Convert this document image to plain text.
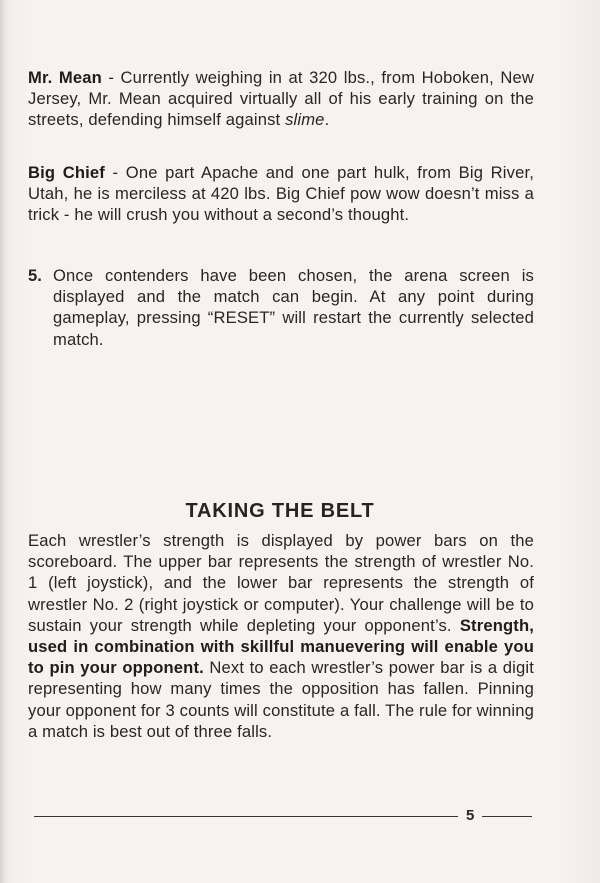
Mr. Mean - Currently weighing in at 320 lbs., from Hoboken, New Jersey, Mr. Mean acquired virtually all of his early training on the streets, defending himself against slime.

Big Chief - One part Apache and one part hulk, from Big River, Utah, he is merciless at 420 lbs. Big Chief pow wow doesn’t miss a trick - he will crush you without a second’s thought.

5. Once contenders have been chosen, the arena screen is displayed and the match can begin. At any point during gameplay, pressing “RESET” will restart the currently selected match.
TAKING THE BELT

Each wrestler’s strength is displayed by power bars on the scoreboard. The upper bar represents the strength of wrestler No. 1 (left joystick), and the lower bar represents the strength of wrestler No. 2 (right joystick or computer). Your challenge will be to sustain your strength while depleting your opponent’s. Strength, used in combination with skillful manuevering will enable you to pin your opponent. Next to each wrestler’s power bar is a digit representing how many times the opposition has fallen. Pinning your opponent for 3 counts will constitute a fall. The rule for winning a match is best out of three falls.

5
